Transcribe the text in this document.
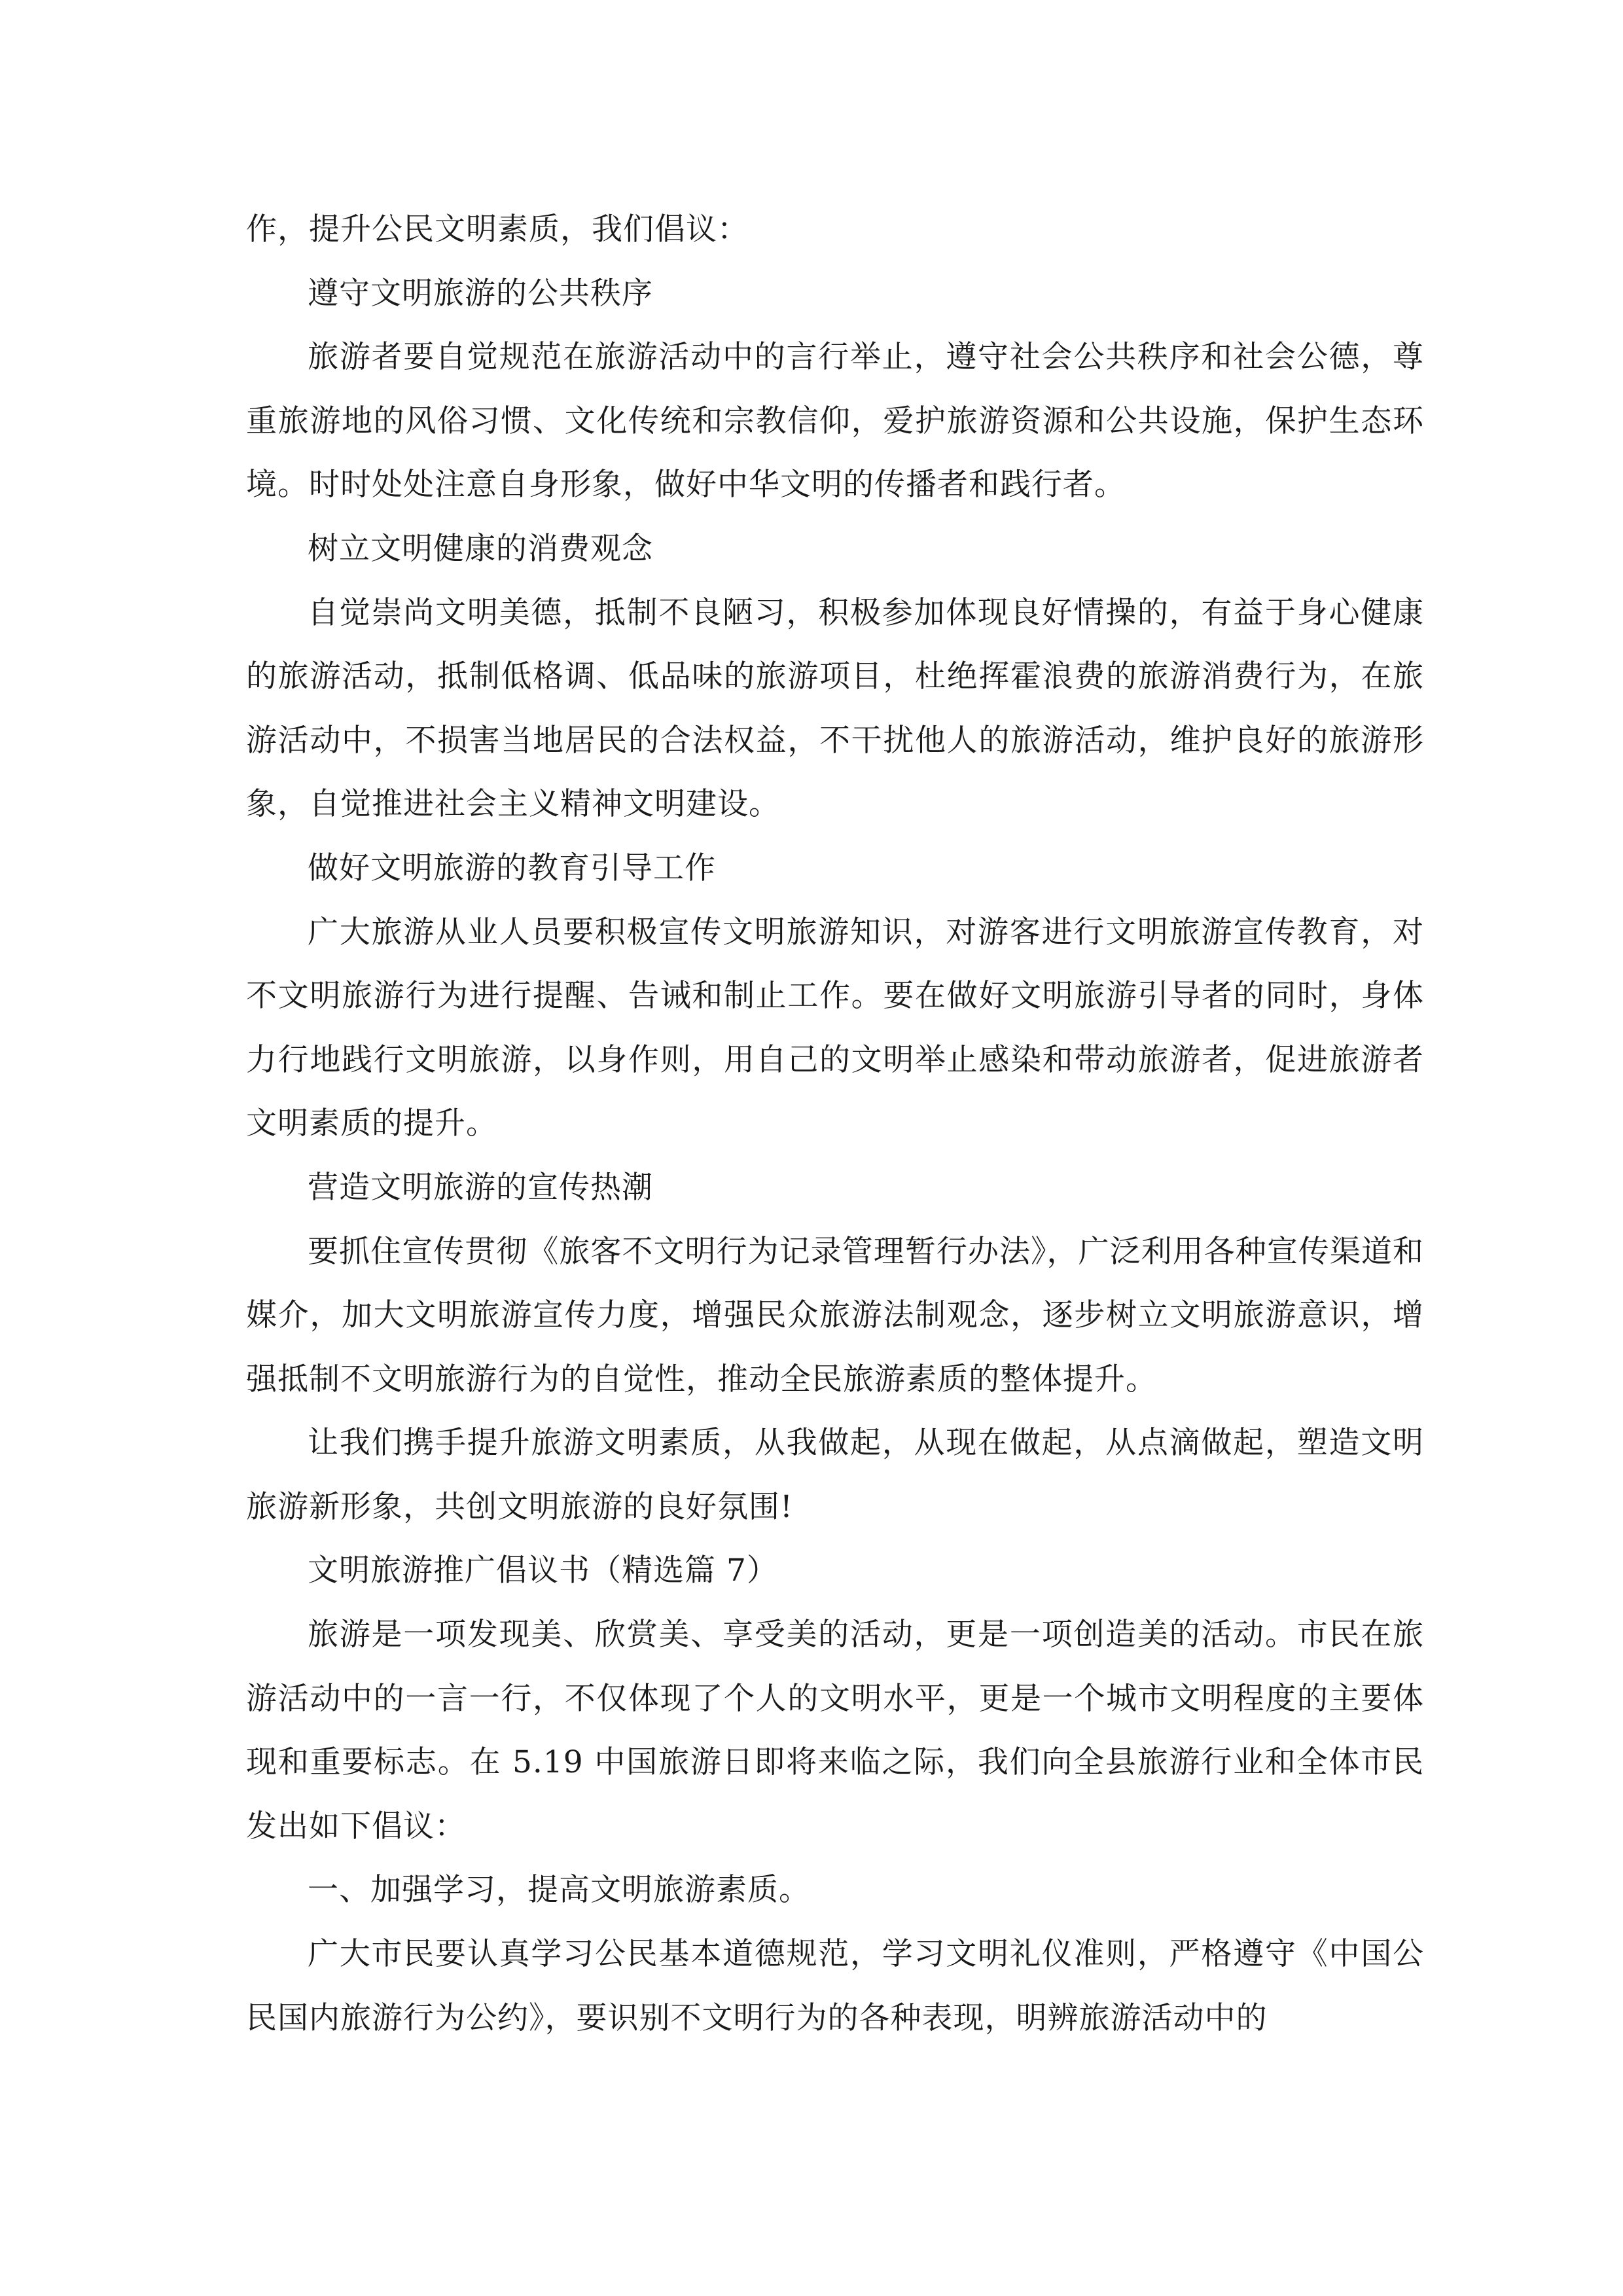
作，提升公民文明素质，我们倡议：

遵守文明旅游的公共秩序

旅游者要自觉规范在旅游活动中的言行举止，遵守社会公共秩序和社会公德，尊重旅游地的风俗习惯、文化传统和宗教信仰，爱护旅游资源和公共设施，保护生态环境。时时处处注意自身形象，做好中华文明的传播者和践行者。

树立文明健康的消费观念

自觉崇尚文明美德，抵制不良陋习，积极参加体现良好情操的，有益于身心健康的旅游活动，抵制低格调、低品味的旅游项目，杜绝挥霍浪费的旅游消费行为，在旅游活动中，不损害当地居民的合法权益，不干扰他人的旅游活动，维护良好的旅游形象，自觉推进社会主义精神文明建设。

做好文明旅游的教育引导工作

广大旅游从业人员要积极宣传文明旅游知识，对游客进行文明旅游宣传教育，对不文明旅游行为进行提醒、告诫和制止工作。要在做好文明旅游引导者的同时，身体力行地践行文明旅游，以身作则，用自己的文明举止感染和带动旅游者，促进旅游者文明素质的提升。

营造文明旅游的宣传热潮

要抓住宣传贯彻《旅客不文明行为记录管理暂行办法》，广泛利用各种宣传渠道和媒介，加大文明旅游宣传力度，增强民众旅游法制观念，逐步树立文明旅游意识，增强抵制不文明旅游行为的自觉性，推动全民旅游素质的整体提升。

让我们携手提升旅游文明素质，从我做起，从现在做起，从点滴做起，塑造文明旅游新形象，共创文明旅游的良好氛围!

文明旅游推广倡议书（精选篇 7）

旅游是一项发现美、欣赏美、享受美的活动，更是一项创造美的活动。市民在旅游活动中的一言一行，不仅体现了个人的文明水平，更是一个城市文明程度的主要体现和重要标志。在 5.19 中国旅游日即将来临之际，我们向全县旅游行业和全体市民发出如下倡议：

一、加强学习，提高文明旅游素质。

广大市民要认真学习公民基本道德规范，学习文明礼仪准则，严格遵守《中国公民国内旅游行为公约》，要识别不文明行为的各种表现，明辨旅游活动中的
